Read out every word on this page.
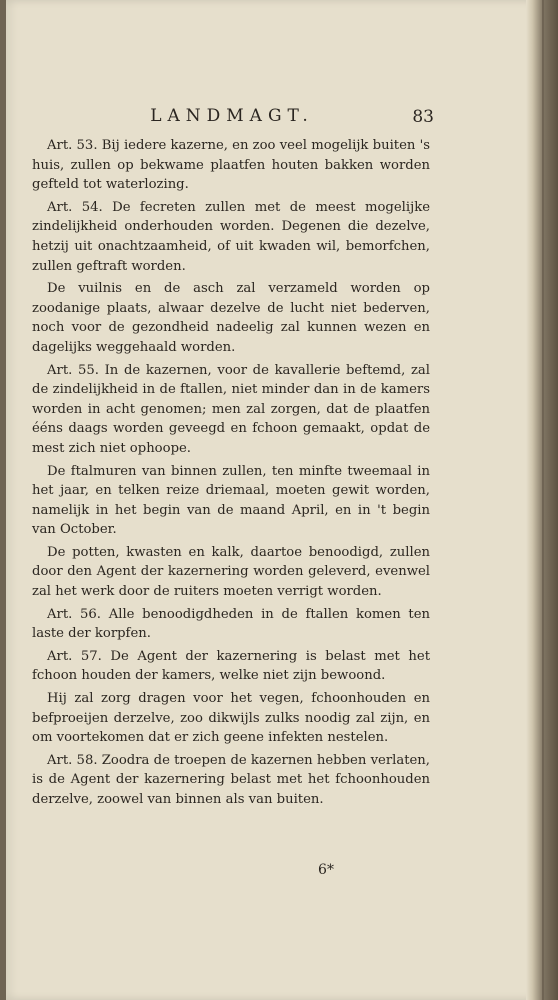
LANDMAGT.	83

Art. 53. Bij iedere kazerne, en zoo veel mogelijk buiten 's huis, zullen op bekwame plaatfen houten bakken worden gefteld tot waterlozing.

Art. 54. De fecreten zullen met de meest mogelijke zindelijkheid onderhouden worden. Degenen die dezelve, hetzij uit onachtzaamheid, of uit kwaden wil, bemorfchen, zullen geftraft worden.

De vuilnis en de asch zal verzameld worden op zoodanige plaats, alwaar dezelve de lucht niet bederven, noch voor de gezondheid nadeelig zal kunnen wezen en dagelijks weggehaald worden.

Art. 55. In de kazernen, voor de kavallerie beftemd, zal de zindelijkheid in de ftallen, niet minder dan in de kamers worden in acht genomen; men zal zorgen, dat de plaatfen ééns daags worden geveegd en fchoon gemaakt, opdat de mest zich niet ophoope.

De ftalmuren van binnen zullen, ten minfte tweemaal in het jaar, en telken reize driemaal, moeten gewit worden, namelijk in het begin van de maand April, en in 't begin van October.

De potten, kwasten en kalk, daartoe benoodigd, zullen door den Agent der kazernering worden geleverd, evenwel zal het werk door de ruiters moeten verrigt worden.

Art. 56. Alle benoodigdheden in de ftallen komen ten laste der korpfen.

Art. 57. De Agent der kazernering is belast met het fchoon houden der kamers, welke niet zijn bewoond.

Hij zal zorg dragen voor het vegen, fchoonhouden en befproeijen derzelve, zoo dikwijls zulks noodig zal zijn, en om voortekomen dat er zich geene infekten nestelen.

Art. 58. Zoodra de troepen de kazernen hebben verlaten, is de Agent der kazernering belast met het fchoonhouden derzelve, zoowel van binnen als van buiten.

6*
